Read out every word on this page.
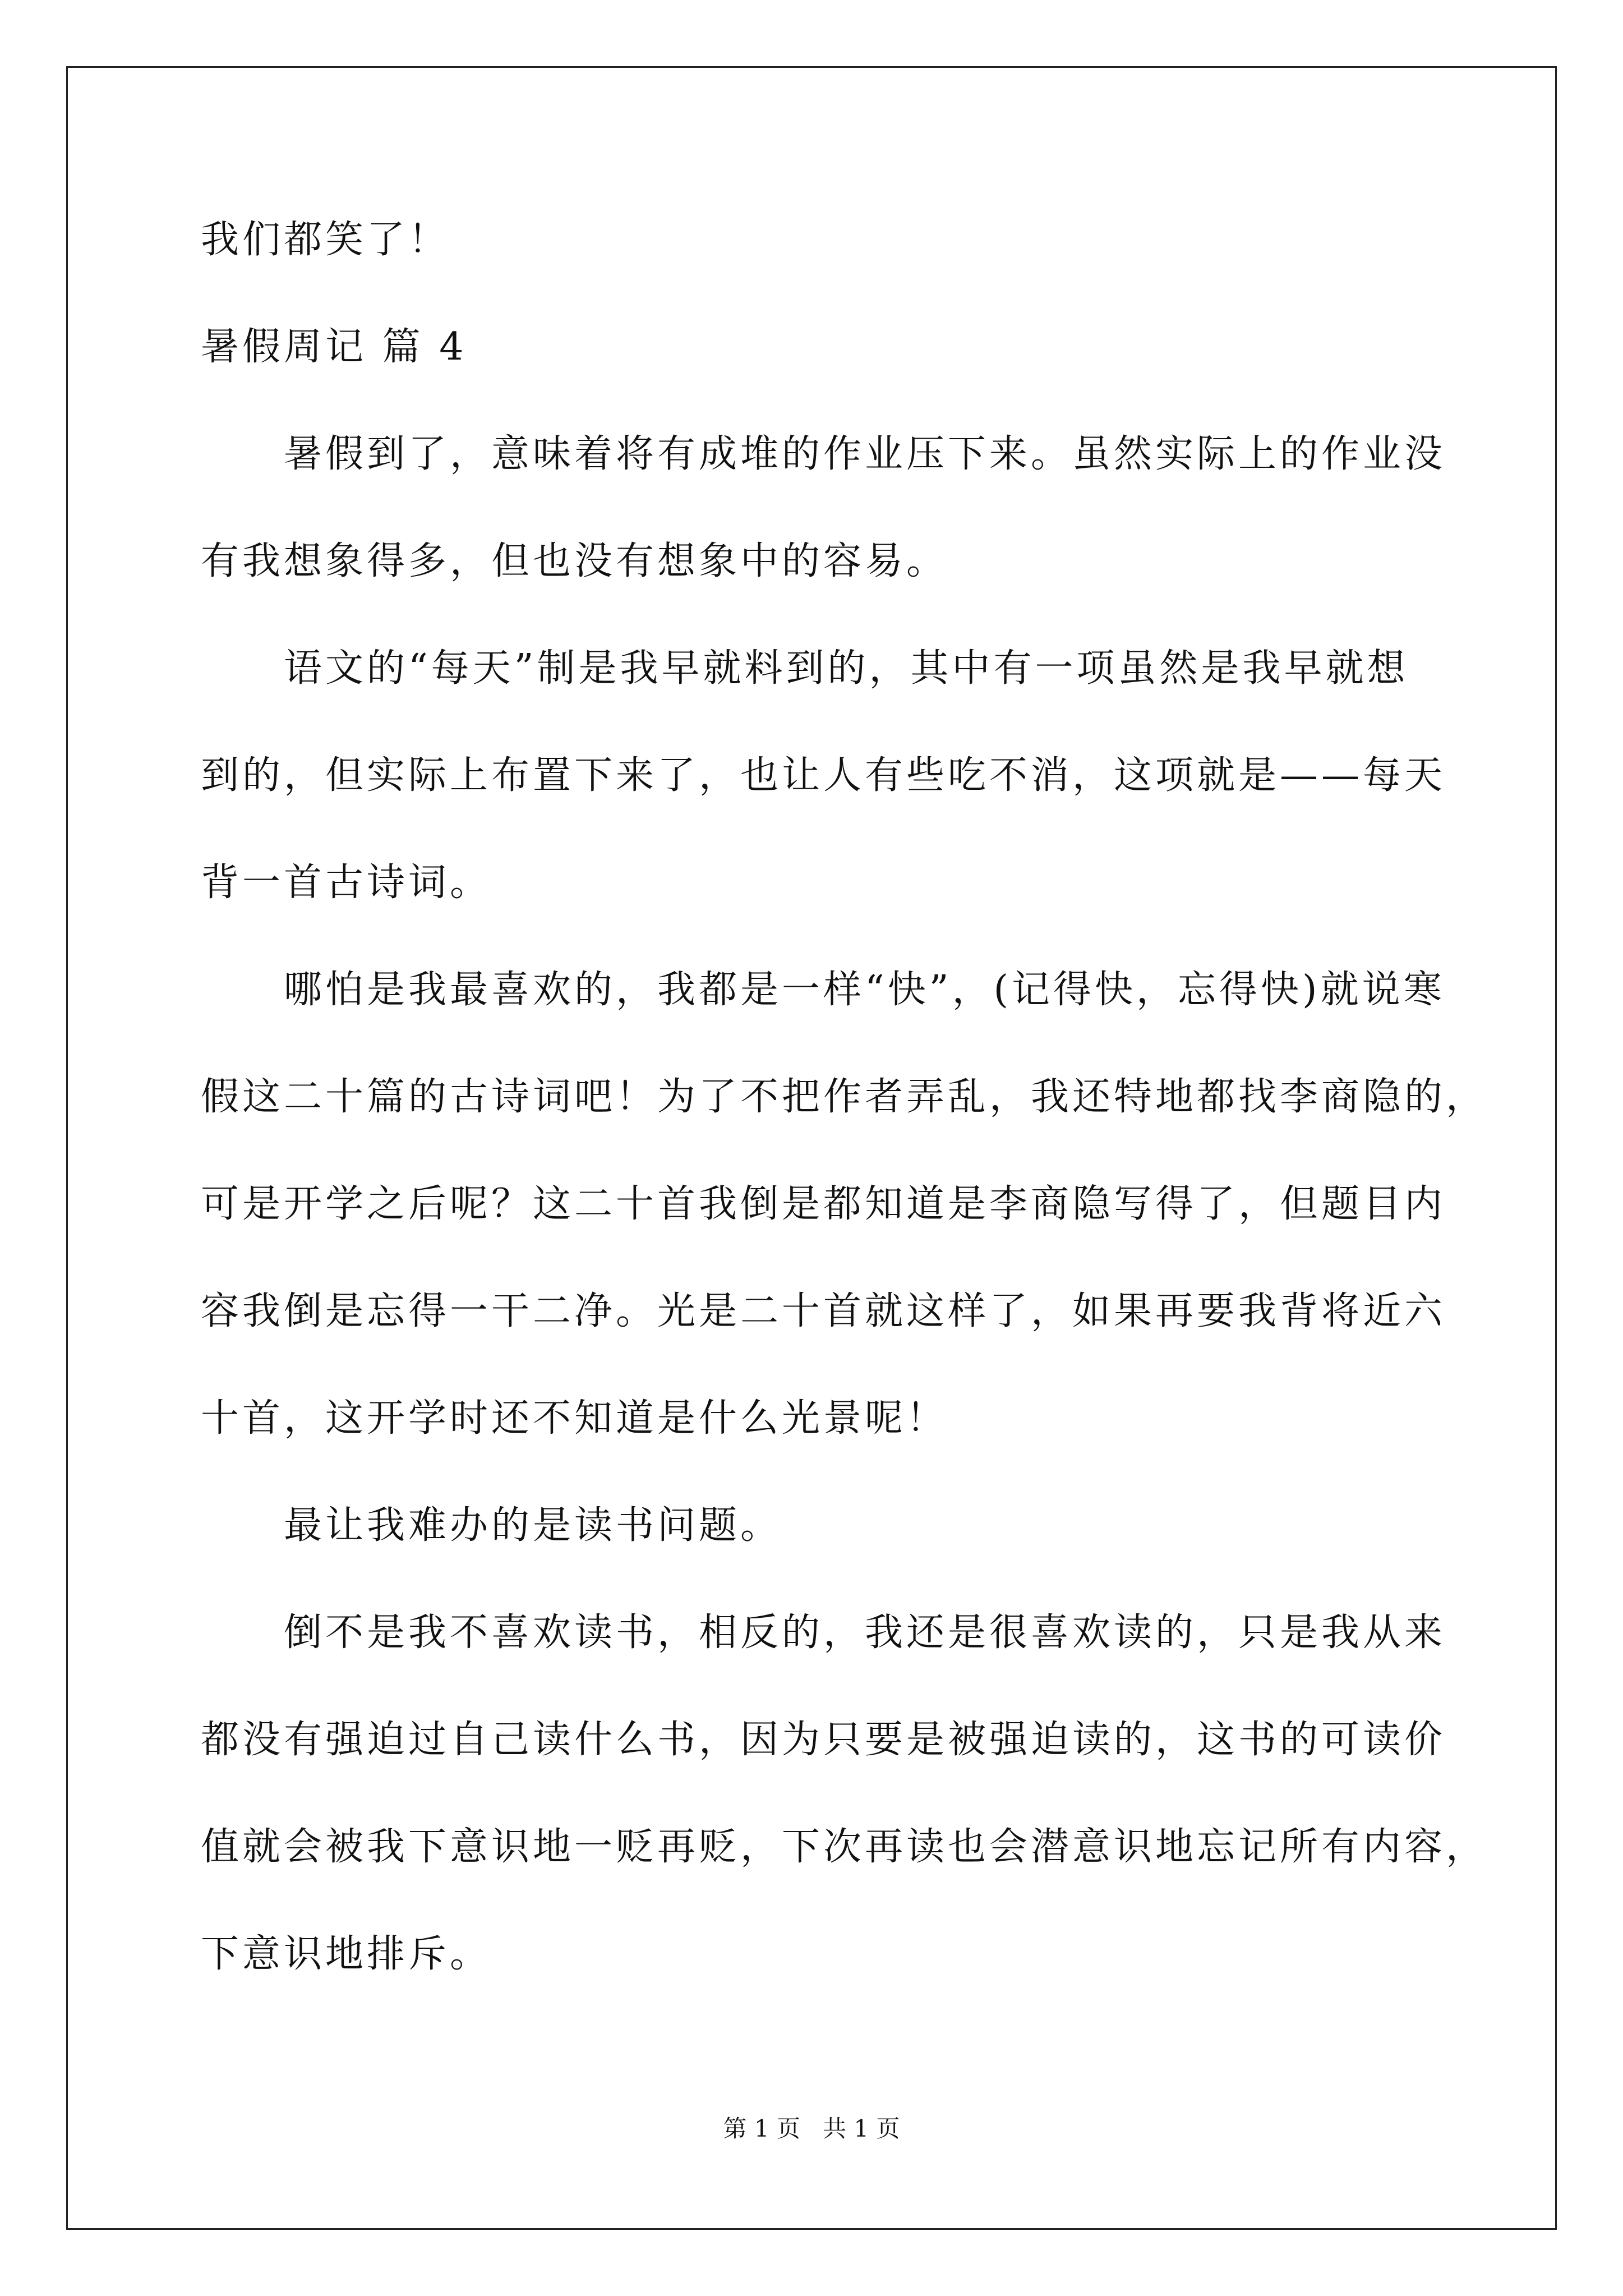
我们都笑了！
暑假周记 篇 4
暑假到了，意味着将有成堆的作业压下来。虽然实际上的作业没
有我想象得多，但也没有想象中的容易。
语文的“每天”制是我早就料到的，其中有一项虽然是我早就想
到的，但实际上布置下来了，也让人有些吃不消，这项就是——每天
背一首古诗词。
哪怕是我最喜欢的，我都是一样“快”，(记得快，忘得快)就说寒
假这二十篇的古诗词吧！为了不把作者弄乱，我还特地都找李商隐的，
可是开学之后呢？这二十首我倒是都知道是李商隐写得了，但题目内
容我倒是忘得一干二净。光是二十首就这样了，如果再要我背将近六
十首，这开学时还不知道是什么光景呢！
最让我难办的是读书问题。
倒不是我不喜欢读书，相反的，我还是很喜欢读的，只是我从来
都没有强迫过自己读什么书，因为只要是被强迫读的，这书的可读价
值就会被我下意识地一贬再贬，下次再读也会潜意识地忘记所有内容，
下意识地排斥。
第 1 页   共 1 页
